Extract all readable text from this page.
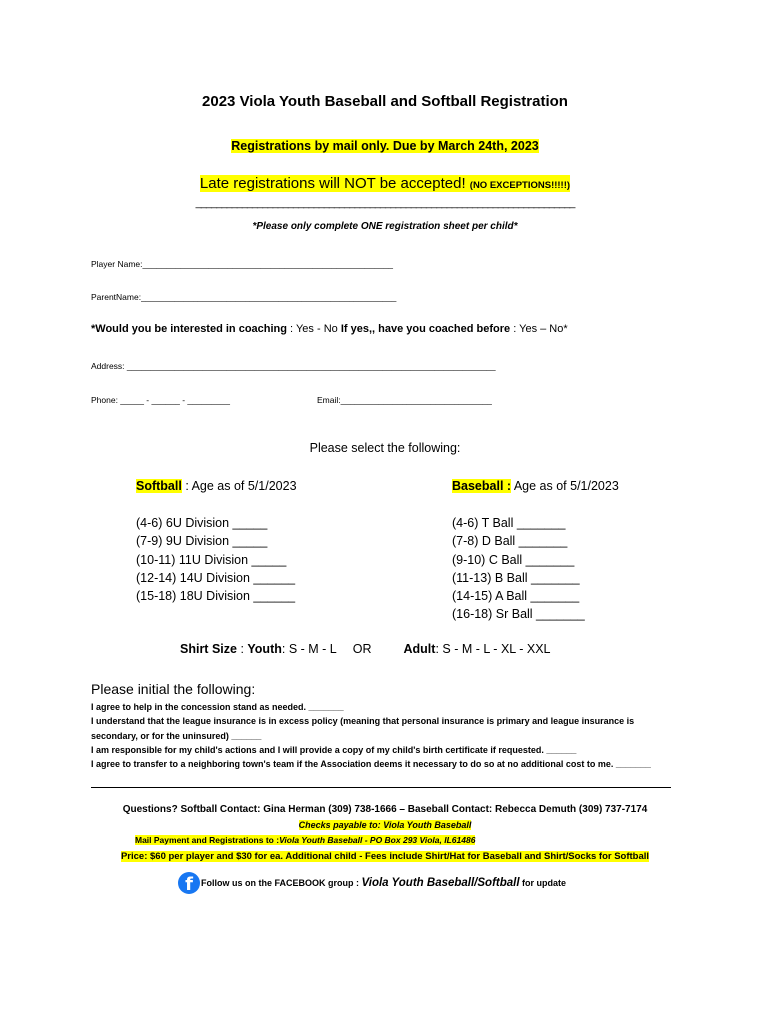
2023 Viola Youth Baseball and Softball Registration
Registrations by mail only. Due by March 24th, 2023
Late registrations will NOT be accepted! (NO EXCEPTIONS!!!!!)
__________________________________________________________________________
*Please only complete ONE registration sheet per child*
Player Name:_____________________________________________________
ParentName:______________________________________________________
*Would you be interested in coaching : Yes - No If yes,, have you coached before : Yes – No*
Address: ______________________________________________________________________________
Phone: _____ - ______ - _________	Email:________________________________
Please select the following:
Softball : Age as of 5/1/2023	Baseball : Age as of 5/1/2023
(4-6) 6U Division _____
(7-9) 9U Division _____
(10-11) 11U Division _____
(12-14) 14U Division ______
(15-18) 18U Division ______
(4-6) T Ball _______
(7-8) D Ball _______
(9-10) C Ball _______
(11-13) B Ball _______
(14-15) A Ball _______
(16-18) Sr Ball _______
Shirt Size : Youth: S - M - L OR	Adult: S - M - L - XL - XXL
Please initial the following:
I agree to help in the concession stand as needed. _______
I understand that the league insurance is in excess policy (meaning that personal insurance is primary and league insurance is secondary, or for the uninsured) ______
I am responsible for my child's actions and I will provide a copy of my child's birth certificate if requested. ______
I agree to transfer to a neighboring town's team if the Association deems it necessary to do so at no additional cost to me. _______
Questions? Softball Contact: Gina Herman (309) 738-1666 – Baseball Contact: Rebecca Demuth (309) 737-7174
Checks payable to: Viola Youth Baseball
Mail Payment and Registrations to :Viola Youth Baseball - PO Box 293 Viola, IL61486
Price: $60 per player and $30 for ea. Additional child - Fees include Shirt/Hat for Baseball and Shirt/Socks for Softball
f Follow us on the FACEBOOK group : Viola Youth Baseball/Softball for update
